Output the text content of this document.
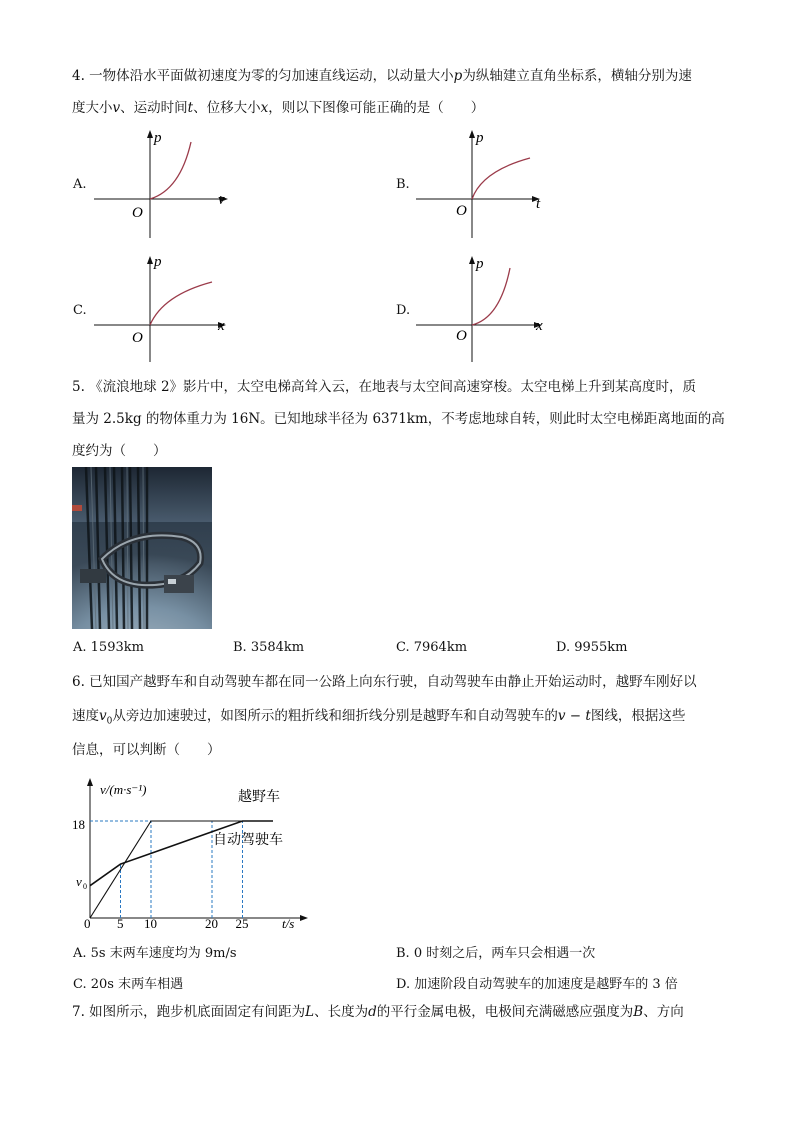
4. 一物体沿水平面做初速度为零的匀加速直线运动，以动量大小p为纵轴建立直角坐标系，横轴分别为速
度大小v、运动时间t、位移大小x，则以下图像可能正确的是（　　）
A.
p
v
O
B.
p
t
O
C.
p
x
O
D.
p
x
O
5. 《流浪地球 2》影片中，太空电梯高耸入云，在地表与太空间高速穿梭。太空电梯上升到某高度时，质
量为 2.5kg 的物体重力为 16N。已知地球半径为 6371km，不考虑地球自转，则此时太空电梯距离地面的高
度约为（　　）
A. 1593km	B. 3584km	C. 7964km	D. 9955km
6. 已知国产越野车和自动驾驶车都在同一公路上向东行驶，自动驾驶车由静止开始运动时，越野车刚好以
速度$v_0$从旁边加速驶过，如图所示的粗折线和细折线分别是越野车和自动驾驶车的v − t图线，根据这些
信息，可以判断（　　）
v/(m·s⁻¹)
t/s
18
v 0
0 5 10	20 25
越野车
自动驾驶车
A. 5s 末两车速度均为 9m/s	B. 0 时刻之后，两车只会相遇一次
C. 20s 末两车相遇	D. 加速阶段自动驾驶车的加速度是越野车的 3 倍
7. 如图所示，跑步机底面固定有间距为L、长度为d的平行金属电极，电极间充满磁感应强度为B、方向
